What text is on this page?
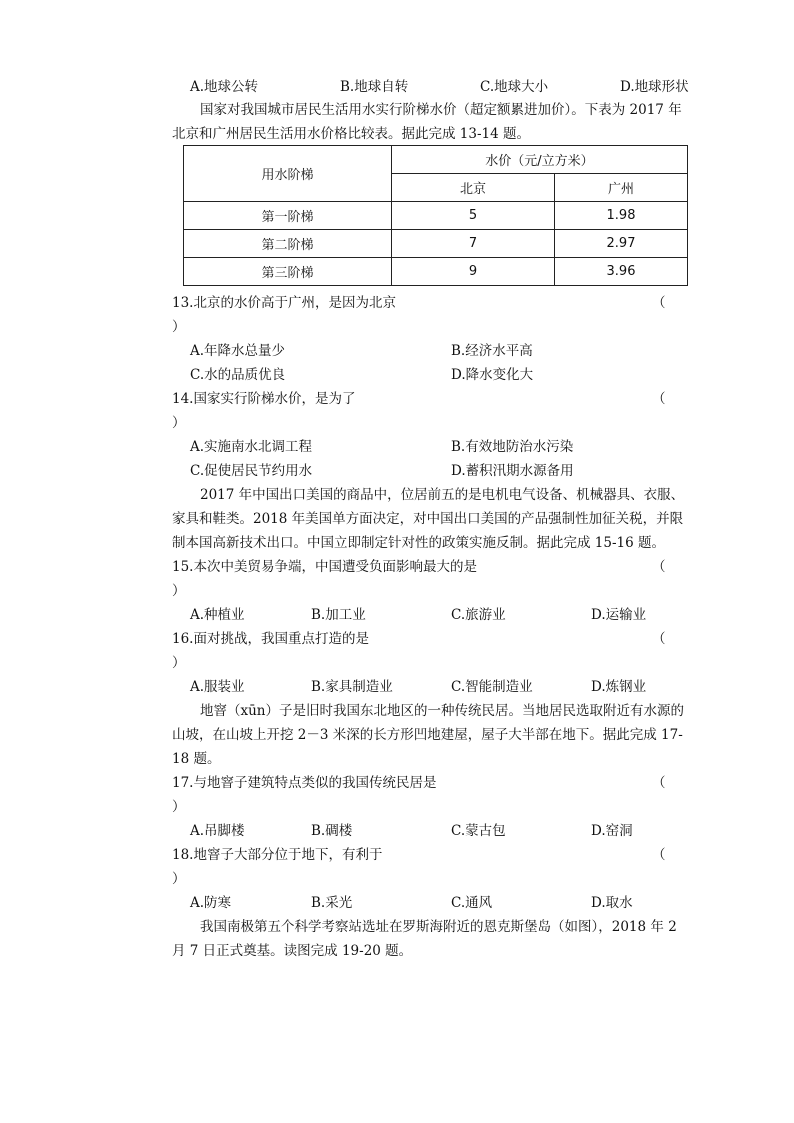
A.地球公转	B.地球自转	C.地球大小	D.地球形状
国家对我国城市居民生活用水实行阶梯水价（超定额累进加价）。下表为 2017 年
北京和广州居民生活用水价格比较表。据此完成 13-14 题。
用水阶梯	水价（元/立方米）	
	北京	广州
第一阶梯	5	1.98
第二阶梯	7	2.97
第三阶梯	9	3.96
13.北京的水价高于广州，是因为北京	（
）
A.年降水总量少	B.经济水平高
C.水的品质优良	D.降水变化大
14.国家实行阶梯水价，是为了	（
）
A.实施南水北调工程	B.有效地防治水污染
C.促使居民节约用水	D.蓄积汛期水源备用
2017 年中国出口美国的商品中，位居前五的是电机电气设备、机械器具、衣服、
家具和鞋类。2018 年美国单方面决定，对中国出口美国的产品强制性加征关税，并限
制本国高新技术出口。中国立即制定针对性的政策实施反制。据此完成 15-16 题。
15.本次中美贸易争端，中国遭受负面影响最大的是	（
）
A.种植业	B.加工业	C.旅游业	D.运输业
16.面对挑战，我国重点打造的是	（
）
A.服装业	B.家具制造业	C.智能制造业	D.炼钢业
地窨（xūn）子是旧时我国东北地区的一种传统民居。当地居民选取附近有水源的
山坡，在山坡上开挖 2－3 米深的长方形凹地建屋，屋子大半部在地下。据此完成 17-
18 题。
17.与地窨子建筑特点类似的我国传统民居是	（
）
A.吊脚楼	B.碉楼	C.蒙古包	D.窑洞
18.地窨子大部分位于地下，有利于	（
）
A.防寒	B.采光	C.通风	D.取水
我国南极第五个科学考察站选址在罗斯海附近的恩克斯堡岛（如图），2018 年 2
月 7 日正式奠基。读图完成 19-20 题。
